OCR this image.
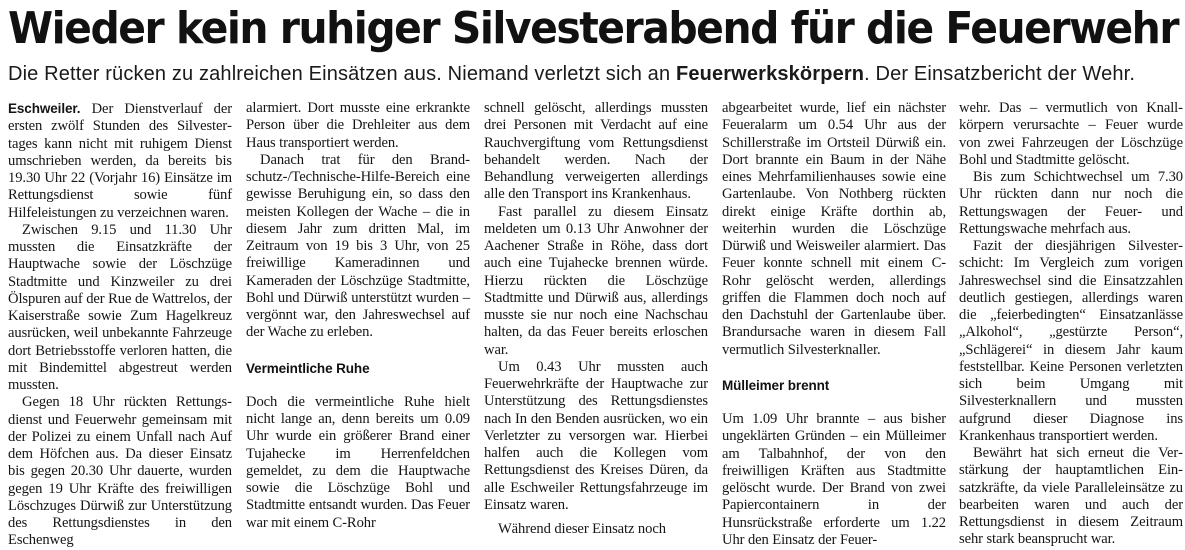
Wieder kein ruhiger Silvesterabend für die Feuerwehr
Die Retter rücken zu zahlreichen Einsätzen aus. Niemand verletzt sich an Feuerwerkskörpern. Der Einsatzbericht der Wehr.

Eschweiler. Der Dienstverlauf der ersten zwölf Stunden des Silvestertages kann nicht mit ruhigem Dienst umschrieben werden, da bereits bis 19.30 Uhr 22 (Vorjahr 16) Einsätze im Rettungsdienst sowie fünf Hilfeleistungen zu verzeichnen waren.

Zwischen 9.15 und 11.30 Uhr mussten die Einsatzkräfte der Hauptwache sowie der Löschzüge Stadtmitte und Kinzweiler zu drei Ölspuren auf der Rue de Wattrelos, der Kaiserstraße sowie Zum Hagelkreuz ausrücken, weil unbekannte Fahrzeuge dort Betriebsstoffe verloren hatten, die mit Bindemittel abgestreut werden mussten.

Gegen 18 Uhr rückten Rettungsdienst und Feuerwehr gemeinsam mit der Polizei zu einem Unfall nach Auf dem Höfchen aus. Da dieser Einsatz bis gegen 20.30 Uhr dauerte, wurden gegen 19 Uhr Kräfte des freiwilligen Löschzuges Dürwiß zur Unterstützung des Rettungsdienstes in den Eschenweg

alarmiert. Dort musste eine erkrankte Person über die Drehleiter aus dem Haus transportiert werden.

Danach trat für den Brandschutz-/Technische-Hilfe-Bereich eine gewisse Beruhigung ein, so dass den meisten Kollegen der Wache – die in diesem Jahr zum dritten Mal, im Zeitraum von 19 bis 3 Uhr, von 25 freiwillige Kameradinnen und Kameraden der Löschzüge Stadtmitte, Bohl und Dürwiß unterstützt wurden – vergönnt war, den Jahreswechsel auf der Wache zu erleben.

Vermeintliche Ruhe

Doch die vermeintliche Ruhe hielt nicht lange an, denn bereits um 0.09 Uhr wurde ein größerer Brand einer Tujahecke im Herrenfeldchen gemeldet, zu dem die Hauptwache sowie die Löschzüge Bohl und Stadtmitte entsandt wurden. Das Feuer war mit einem C-Rohr

schnell gelöscht, allerdings mussten drei Personen mit Verdacht auf eine Rauchvergiftung vom Rettungsdienst behandelt werden. Nach der Behandlung verweigerten allerdings alle den Transport ins Krankenhaus.

Fast parallel zu diesem Einsatz meldeten um 0.13 Uhr Anwohner der Aachener Straße in Röhe, dass dort auch eine Tujahecke brennen würde. Hierzu rückten die Löschzüge Stadtmitte und Dürwiß aus, allerdings musste sie nur noch eine Nachschau halten, da das Feuer bereits erloschen war.

Um 0.43 Uhr mussten auch Feuerwehrkräfte der Hauptwache zur Unterstützung des Rettungsdienstes nach In den Benden ausrücken, wo ein Verletzter zu versorgen war. Hierbei halfen auch die Kollegen vom Rettungsdienst des Kreises Düren, da alle Eschweiler Rettungsfahrzeuge im Einsatz waren.

Während dieser Einsatz noch

abgearbeitet wurde, lief ein nächster Feueralarm um 0.54 Uhr aus der Schillerstraße im Ortsteil Dürwiß ein. Dort brannte ein Baum in der Nähe eines Mehrfamilienhauses sowie eine Gartenlaube. Von Nothberg rückten direkt einige Kräfte dorthin ab, weiterhin wurden die Löschzüge Dürwiß und Weisweiler alarmiert. Das Feuer konnte schnell mit einem C-Rohr gelöscht werden, allerdings griffen die Flammen doch noch auf den Dachstuhl der Gartenlaube über. Brandursache waren in diesem Fall vermutlich Silvesterknaller.

Mülleimer brennt

Um 1.09 Uhr brannte – aus bisher ungeklärten Gründen – ein Mülleimer am Talbahnhof, der von den freiwilligen Kräften aus Stadtmitte gelöscht wurde. Der Brand von zwei Papiercontainern in der Hunsrückstraße erforderte um 1.22 Uhr den Einsatz der Feuer-

wehr. Das – vermutlich von Knallkörpern verursachte – Feuer wurde von zwei Fahrzeugen der Löschzüge Bohl und Stadtmitte gelöscht.

Bis zum Schichtwechsel um 7.30 Uhr rückten dann nur noch die Rettungswagen der Feuer- und Rettungswache mehrfach aus.

Fazit der diesjährigen Silvesterschicht: Im Vergleich zum vorigen Jahreswechsel sind die Einsatzzahlen deutlich gestiegen, allerdings waren die „feierbedingten“ Einsatzanlässe „Alkohol“, „gestürzte Person“, „Schlägerei“ in diesem Jahr kaum feststellbar. Keine Personen verletzten sich beim Umgang mit Silvesterknallern und mussten aufgrund dieser Diagnose ins Krankenhaus transportiert werden.

Bewährt hat sich erneut die Verstärkung der hauptamtlichen Einsatzkräfte, da viele Paralleleinsätze zu bearbeiten waren und auch der Rettungsdienst in diesem Zeitraum sehr stark beansprucht war.
